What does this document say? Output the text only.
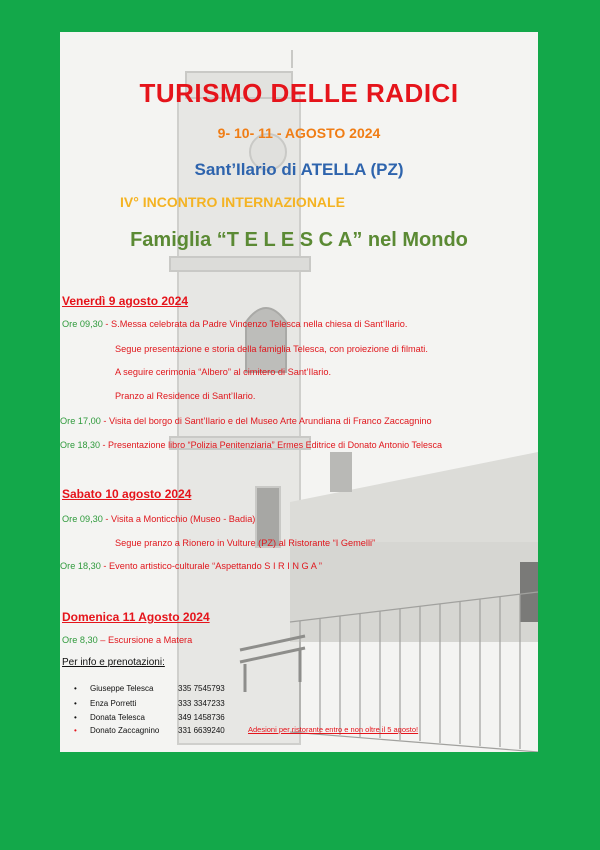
TURISMO DELLE RADICI
9- 10- 11 - AGOSTO 2024
Sant’Ilario di ATELLA (PZ)
IV° INCONTRO INTERNAZIONALE
Famiglia “T E L E S C A” nel Mondo
Venerdì 9 agosto 2024
Ore 09,30 - S.Messa celebrata da Padre Vincenzo Telesca nella chiesa di Sant’Ilario.
Segue presentazione e storia della famiglia Telesca, con proiezione di filmati.
A seguire cerimonia “Albero” al cimitero di Sant’Ilario.
Pranzo al Residence di Sant’Ilario.
Ore 17,00 - Visita del borgo di Sant’Ilario e del Museo Arte Arundiana di Franco Zaccagnino
Ore 18,30 - Presentazione libro “Polizia Penitenziaria” Ermes Editrice di Donato Antonio Telesca
Sabato 10 agosto 2024
Ore 09,30 - Visita a Monticchio (Museo - Badia)
Segue pranzo a Rionero in Vulture (PZ) al Ristorante “I Gemelli”
Ore 18,30 - Evento artistico-culturale “Aspettando S I R I N G A ”
Domenica 11 Agosto 2024
Ore 8,30 – Escursione a Matera
Per info e prenotazioni:
• Giuseppe Telesca	335 7545793
• Enza Porretti	333 3347233
• Donata Telesca	349 1458736
• Donato Zaccagnino 331 6639240	Adesioni per ristorante entro e non oltre il 5 agosto!
